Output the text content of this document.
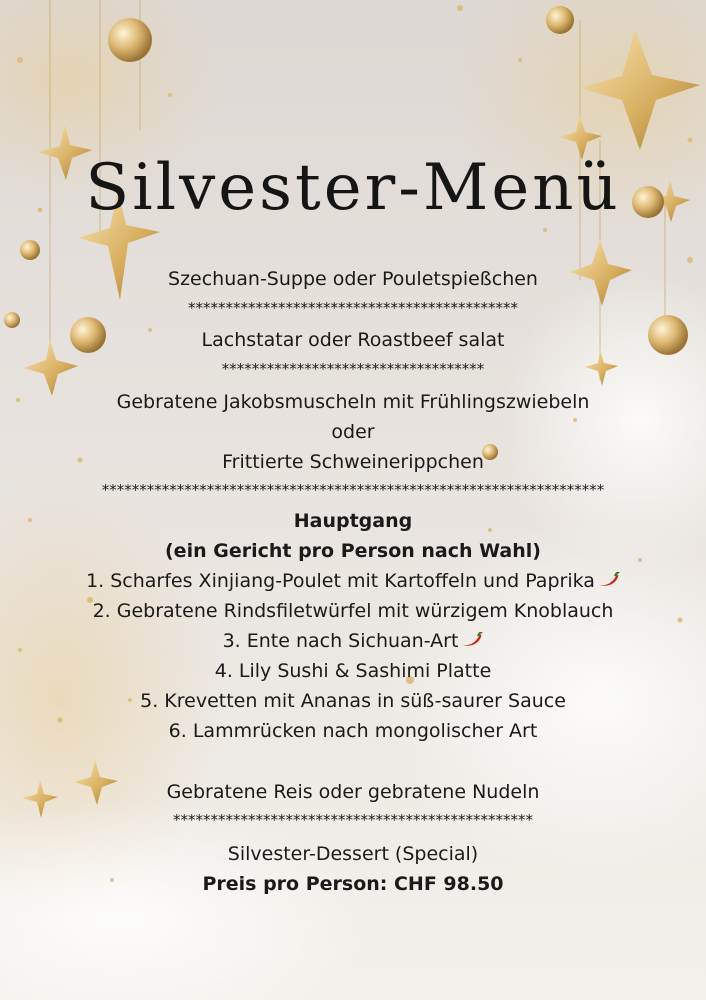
Silvester-Menü
Szechuan-Suppe oder Pouletspießchen
********************************************
Lachstatar oder Roastbeef salat
***********************************
Gebratene Jakobsmuscheln mit Frühlingszwiebeln
oder
Frittierte Schweinerippchen
*******************************************************************
Hauptgang
(ein Gericht pro Person nach Wahl)
1. Scharfes Xinjiang-Poulet mit Kartoffeln und Paprika
2. Gebratene Rindsfiletwürfel mit würzigem Knoblauch
3. Ente nach Sichuan-Art
4. Lily Sushi & Sashimi Platte
5. Krevetten mit Ananas in süß-saurer Sauce
6. Lammrücken nach mongolischer Art
Gebratene Reis oder gebratene Nudeln
************************************************
Silvester-Dessert (Special)
Preis pro Person: CHF 98.50
